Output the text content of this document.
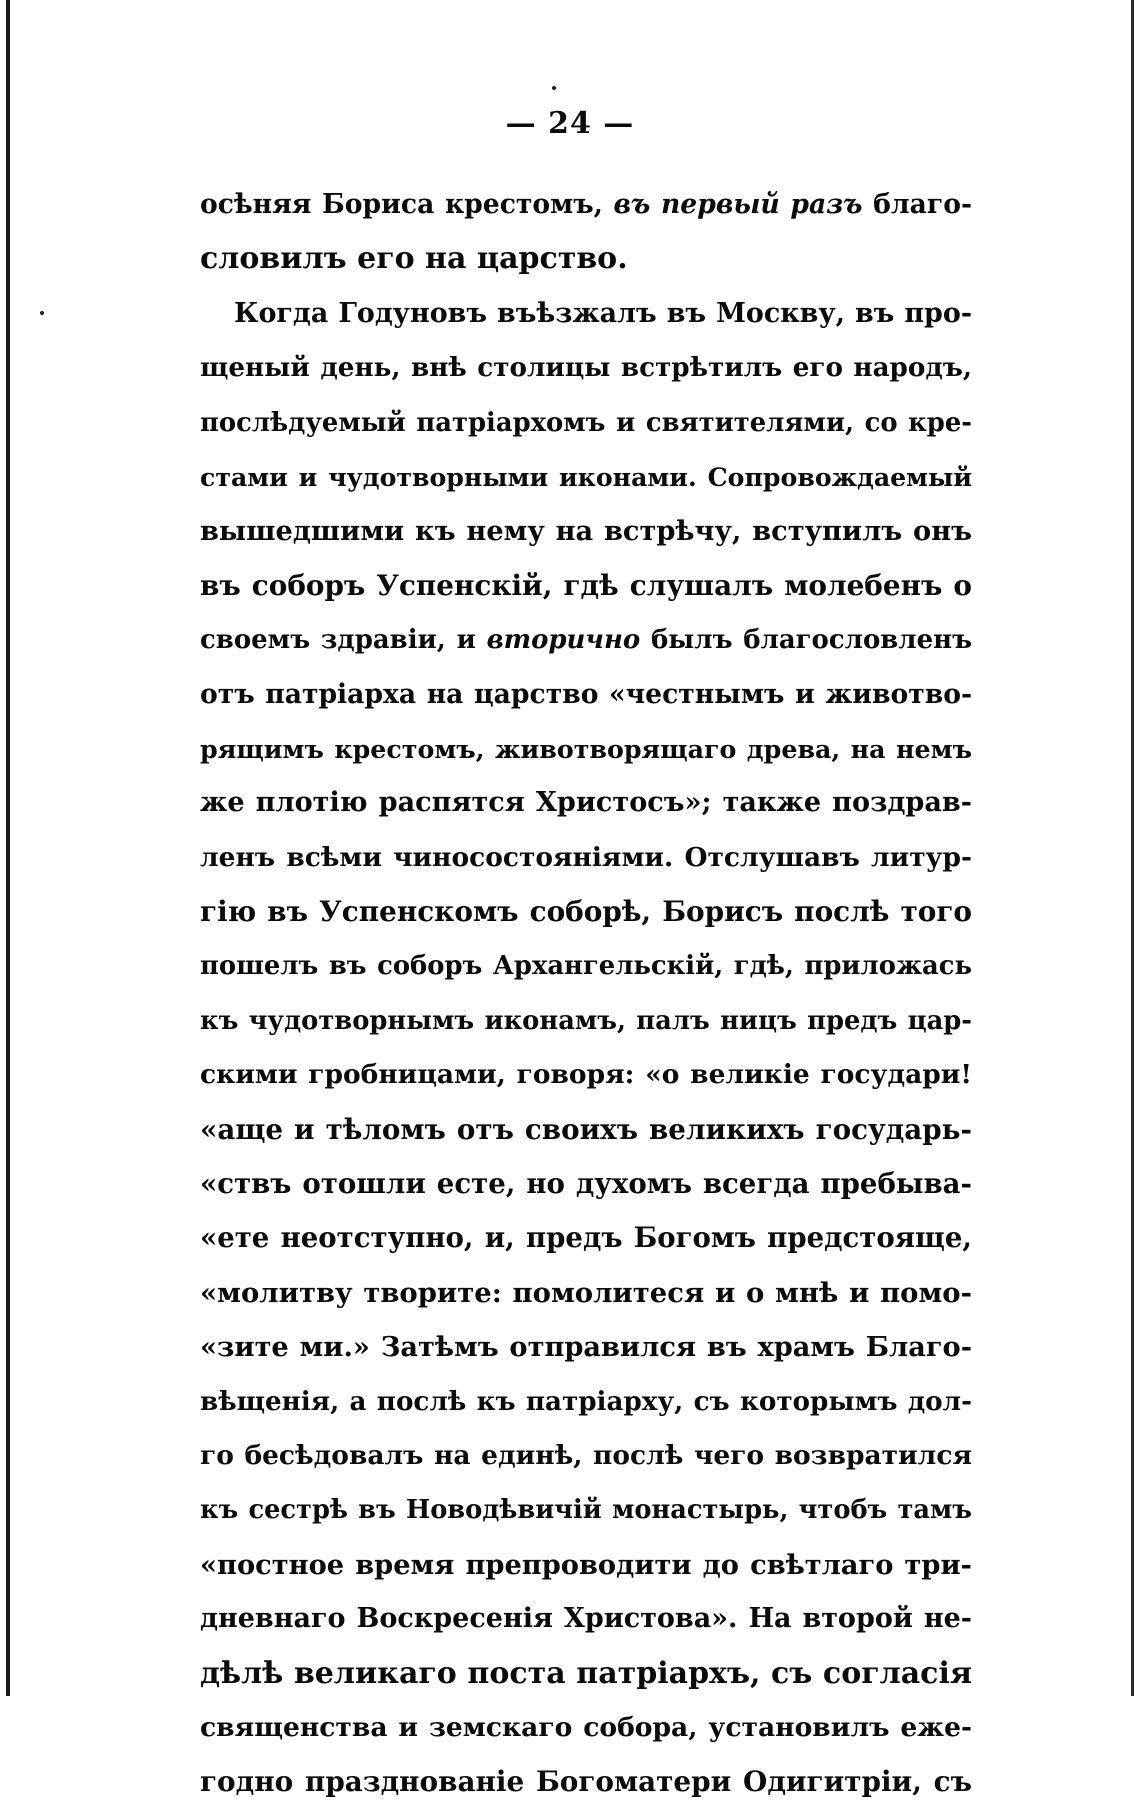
— 24 —
осѣняя Бориса крестомъ, въ первый разъ благо-
словилъ его на царство.
Когда Годуновъ въѣзжалъ въ Москву, въ про-
щеный день, внѣ столицы встрѣтилъ его народъ,
послѣдуемый патріархомъ и святителями, со кре-
стами и чудотворными иконами. Сопровождаемый
вышедшими къ нему на встрѣчу, вступилъ онъ
въ соборъ Успенскій, гдѣ слушалъ молебенъ о
своемъ здравіи, и вторично былъ благословленъ
отъ патріарха на царство «честнымъ и животво-
рящимъ крестомъ, животворящаго древа, на немъ
же плотію распятся Христосъ»; также поздрав-
ленъ всѣми чиносостояніями. Отслушавъ литур-
гію въ Успенскомъ соборѣ, Борисъ послѣ того
пошелъ въ соборъ Архангельскій, гдѣ, приложась
къ чудотворнымъ иконамъ, палъ ницъ предъ цар-
скими гробницами, говоря: «о великіе государи!
«аще и тѣломъ отъ своихъ великихъ государь-
«ствъ отошли есте, но духомъ всегда пребыва-
«ете неотступно, и, предъ Богомъ предстояще,
«молитву творите: помолитеся и о мнѣ и помо-
«зите ми.» Затѣмъ отправился въ храмъ Благо-
вѣщенія, а послѣ къ патріарху, съ которымъ дол-
го бесѣдовалъ на единѣ, послѣ чего возвратился
къ сестрѣ въ Новодѣвичій монастырь, чтобъ тамъ
«постное время препроводити до свѣтлаго три-
дневнаго Воскресенія Христова». На второй не-
дѣлѣ великаго поста патріархъ, съ согласія
священства и земскаго собора, установилъ еже-
годно празднованіе Богоматери Одигитріи, съ
